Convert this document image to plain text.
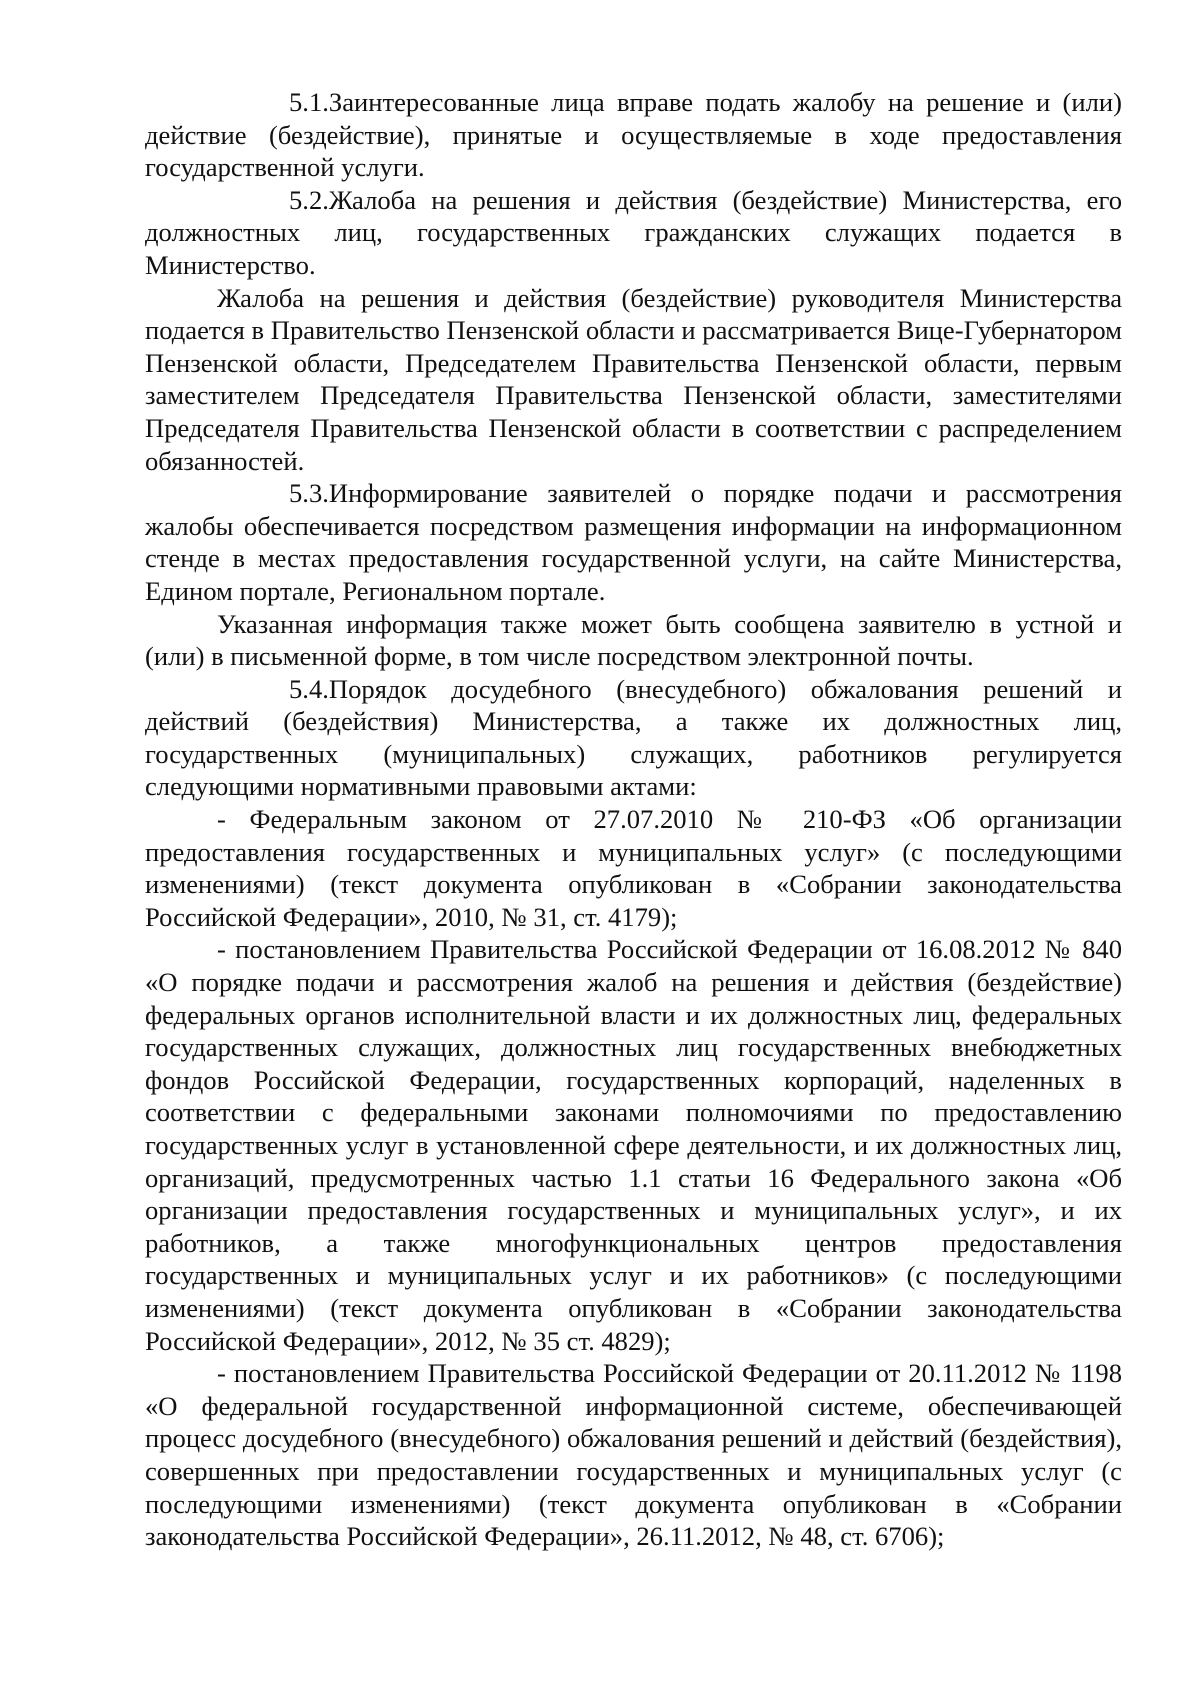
5.1.Заинтересованные лица вправе подать жалобу на решение и (или) действие (бездействие), принятые и осуществляемые в ходе предоставления государственной услуги.

5.2.Жалоба на решения и действия (бездействие) Министерства, его должностных лиц, государственных гражданских служащих подается в Министерство.

Жалоба на решения и действия (бездействие) руководителя Министерства подается в Правительство Пензенской области и рассматривается Вице-Губернатором Пензенской области, Председателем Правительства Пензенской области, первым заместителем Председателя Правительства Пензенской области, заместителями Председателя Правительства Пензенской области в соответствии с распределением обязанностей.

5.3.Информирование заявителей о порядке подачи и рассмотрения жалобы обеспечивается посредством размещения информации на информационном стенде в местах предоставления государственной услуги, на сайте Министерства, Едином портале, Региональном портале.

Указанная информация также может быть сообщена заявителю в устной и (или) в письменной форме, в том числе посредством электронной почты.

5.4.Порядок досудебного (внесудебного) обжалования решений и действий (бездействия) Министерства, а также их должностных лиц, государственных (муниципальных) служащих, работников регулируется следующими нормативными правовыми актами:

- Федеральным законом от 27.07.2010 № 210-ФЗ «Об организации предоставления государственных и муниципальных услуг» (с последующими изменениями) (текст документа опубликован в «Собрании законодательства Российской Федерации», 2010, № 31, ст. 4179);

- постановлением Правительства Российской Федерации от 16.08.2012 № 840 «О порядке подачи и рассмотрения жалоб на решения и действия (бездействие) федеральных органов исполнительной власти и их должностных лиц, федеральных государственных служащих, должностных лиц государственных внебюджетных фондов Российской Федерации, государственных корпораций, наделенных в соответствии с федеральными законами полномочиями по предоставлению государственных услуг в установленной сфере деятельности, и их должностных лиц, организаций, предусмотренных частью 1.1 статьи 16 Федерального закона «Об организации предоставления государственных и муниципальных услуг», и их работников, а также многофункциональных центров предоставления государственных и муниципальных услуг и их работников» (с последующими изменениями) (текст документа опубликован в «Собрании законодательства Российской Федерации», 2012, № 35 ст. 4829);

- постановлением Правительства Российской Федерации от 20.11.2012 № 1198 «О федеральной государственной информационной системе, обеспечивающей процесс досудебного (внесудебного) обжалования решений и действий (бездействия), совершенных при предоставлении государственных и муниципальных услуг (с последующими изменениями) (текст документа опубликован в «Собрании законодательства Российской Федерации», 26.11.2012, № 48, ст. 6706);
